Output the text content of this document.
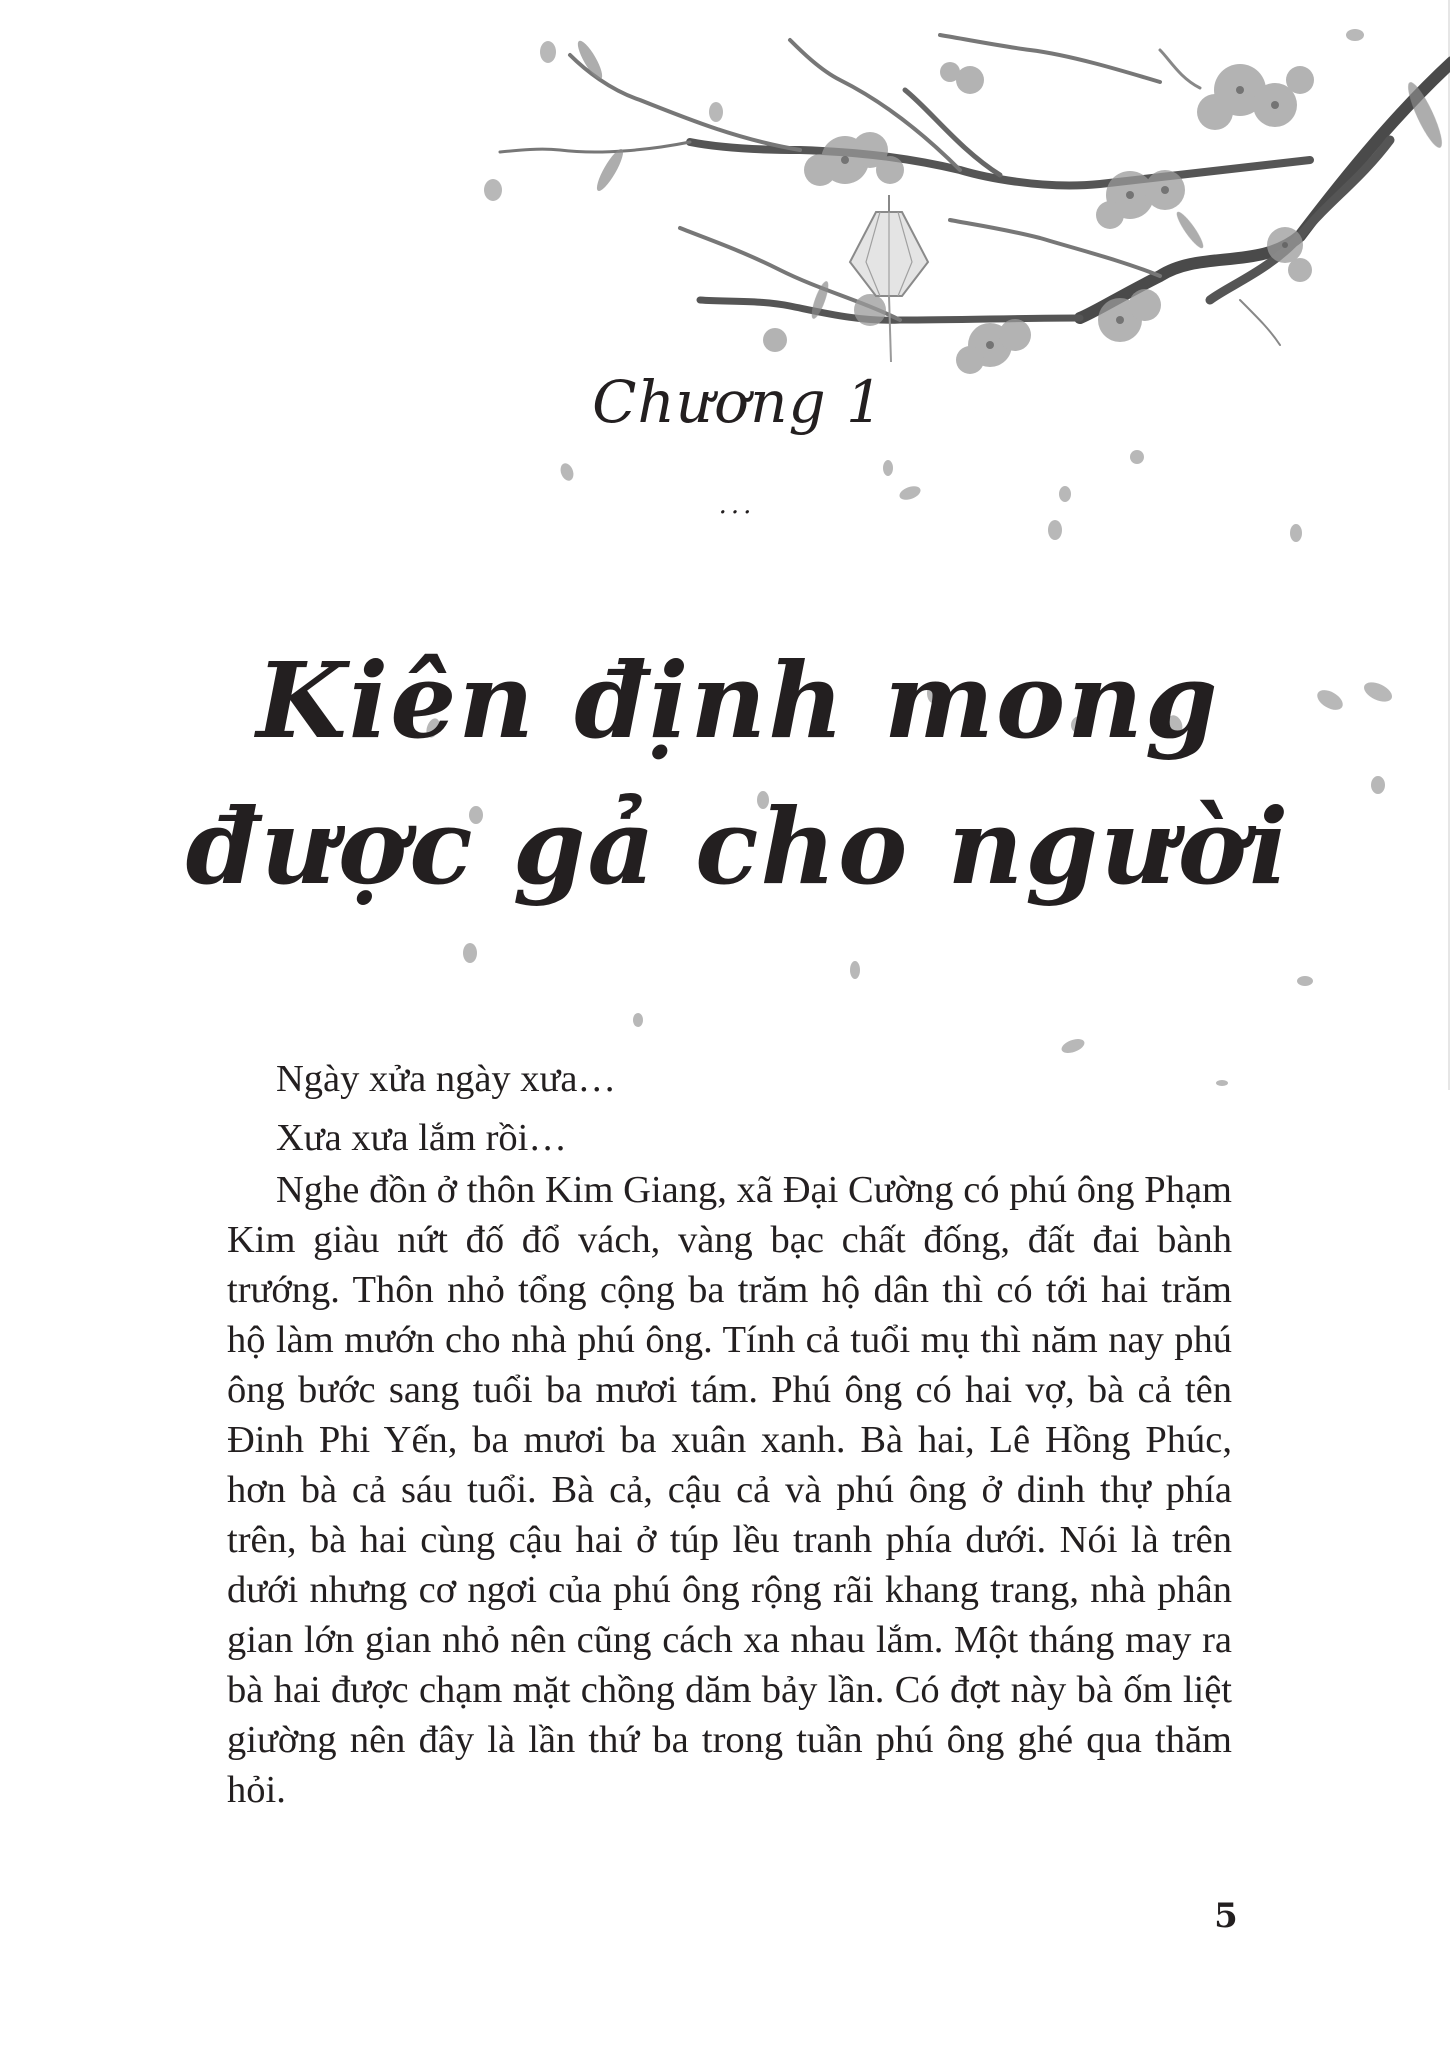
Chương 1
...
Kiên định mong
được gả cho người

Ngày xửa ngày xưa…

Xưa xưa lắm rồi…

Nghe đồn ở thôn Kim Giang, xã Đại Cường có phú ông Phạm Kim giàu nứt đố đổ vách, vàng bạc chất đống, đất đai bành trướng. Thôn nhỏ tổng cộng ba trăm hộ dân thì có tới hai trăm hộ làm mướn cho nhà phú ông. Tính cả tuổi mụ thì năm nay phú ông bước sang tuổi ba mươi tám. Phú ông có hai vợ, bà cả tên Đinh Phi Yến, ba mươi ba xuân xanh. Bà hai, Lê Hồng Phúc, hơn bà cả sáu tuổi. Bà cả, cậu cả và phú ông ở dinh thự phía trên, bà hai cùng cậu hai ở túp lều tranh phía dưới. Nói là trên dưới nhưng cơ ngơi của phú ông rộng rãi khang trang, nhà phân gian lớn gian nhỏ nên cũng cách xa nhau lắm. Một tháng may ra bà hai được chạm mặt chồng dăm bảy lần. Có đợt này bà ốm liệt giường nên đây là lần thứ ba trong tuần phú ông ghé qua thăm hỏi.

5
